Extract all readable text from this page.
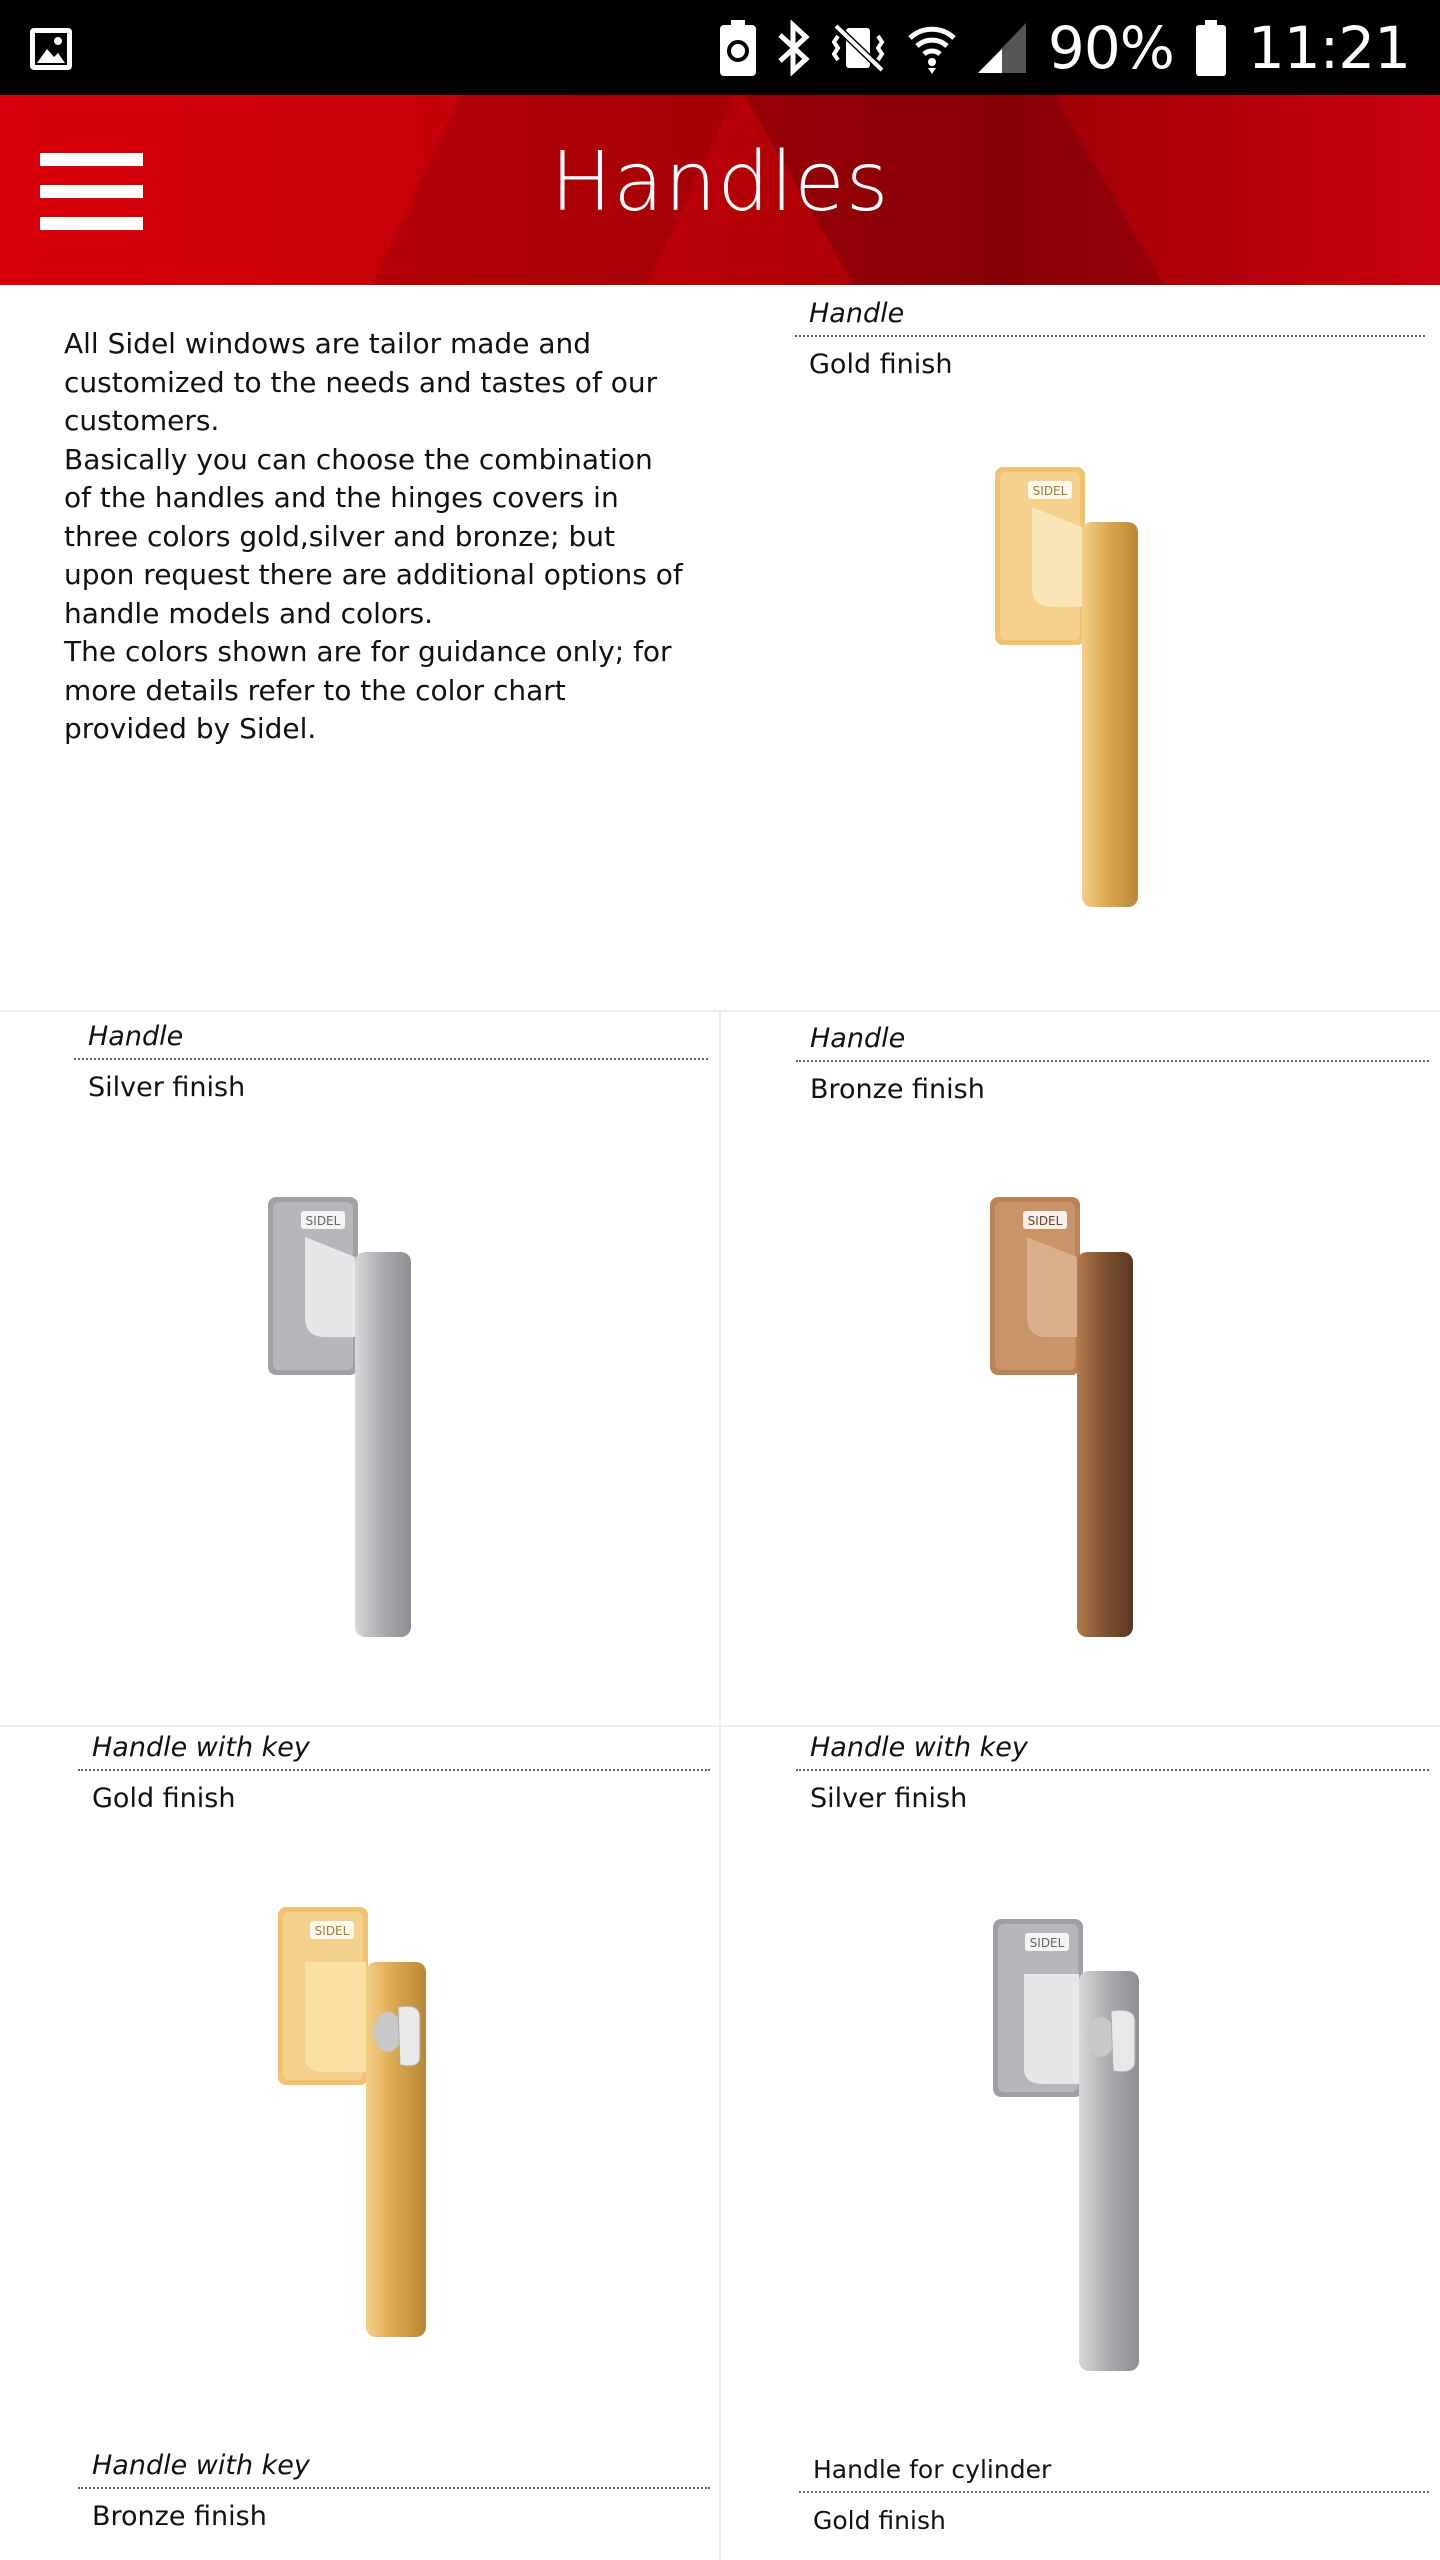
90% 11:21
Handles

All Sidel windows are tailor made and customized to the needs and tastes of our customers.

Basically you can choose the combination of the handles and the hinges covers in three colors gold,silver and bronze; but upon request there are additional options of handle models and colors.

The colors shown are for guidance only; for more details refer to the color chart provided by Sidel.

Handle
Gold finish
SIDEL
Handle
Silver finish
SIDEL
Handle
Bronze finish
SIDEL
Handle with key
Gold finish
SIDEL
Handle with key
Silver finish
SIDEL
Handle with key
Bronze finish
Handle for cylinder
Gold finish
